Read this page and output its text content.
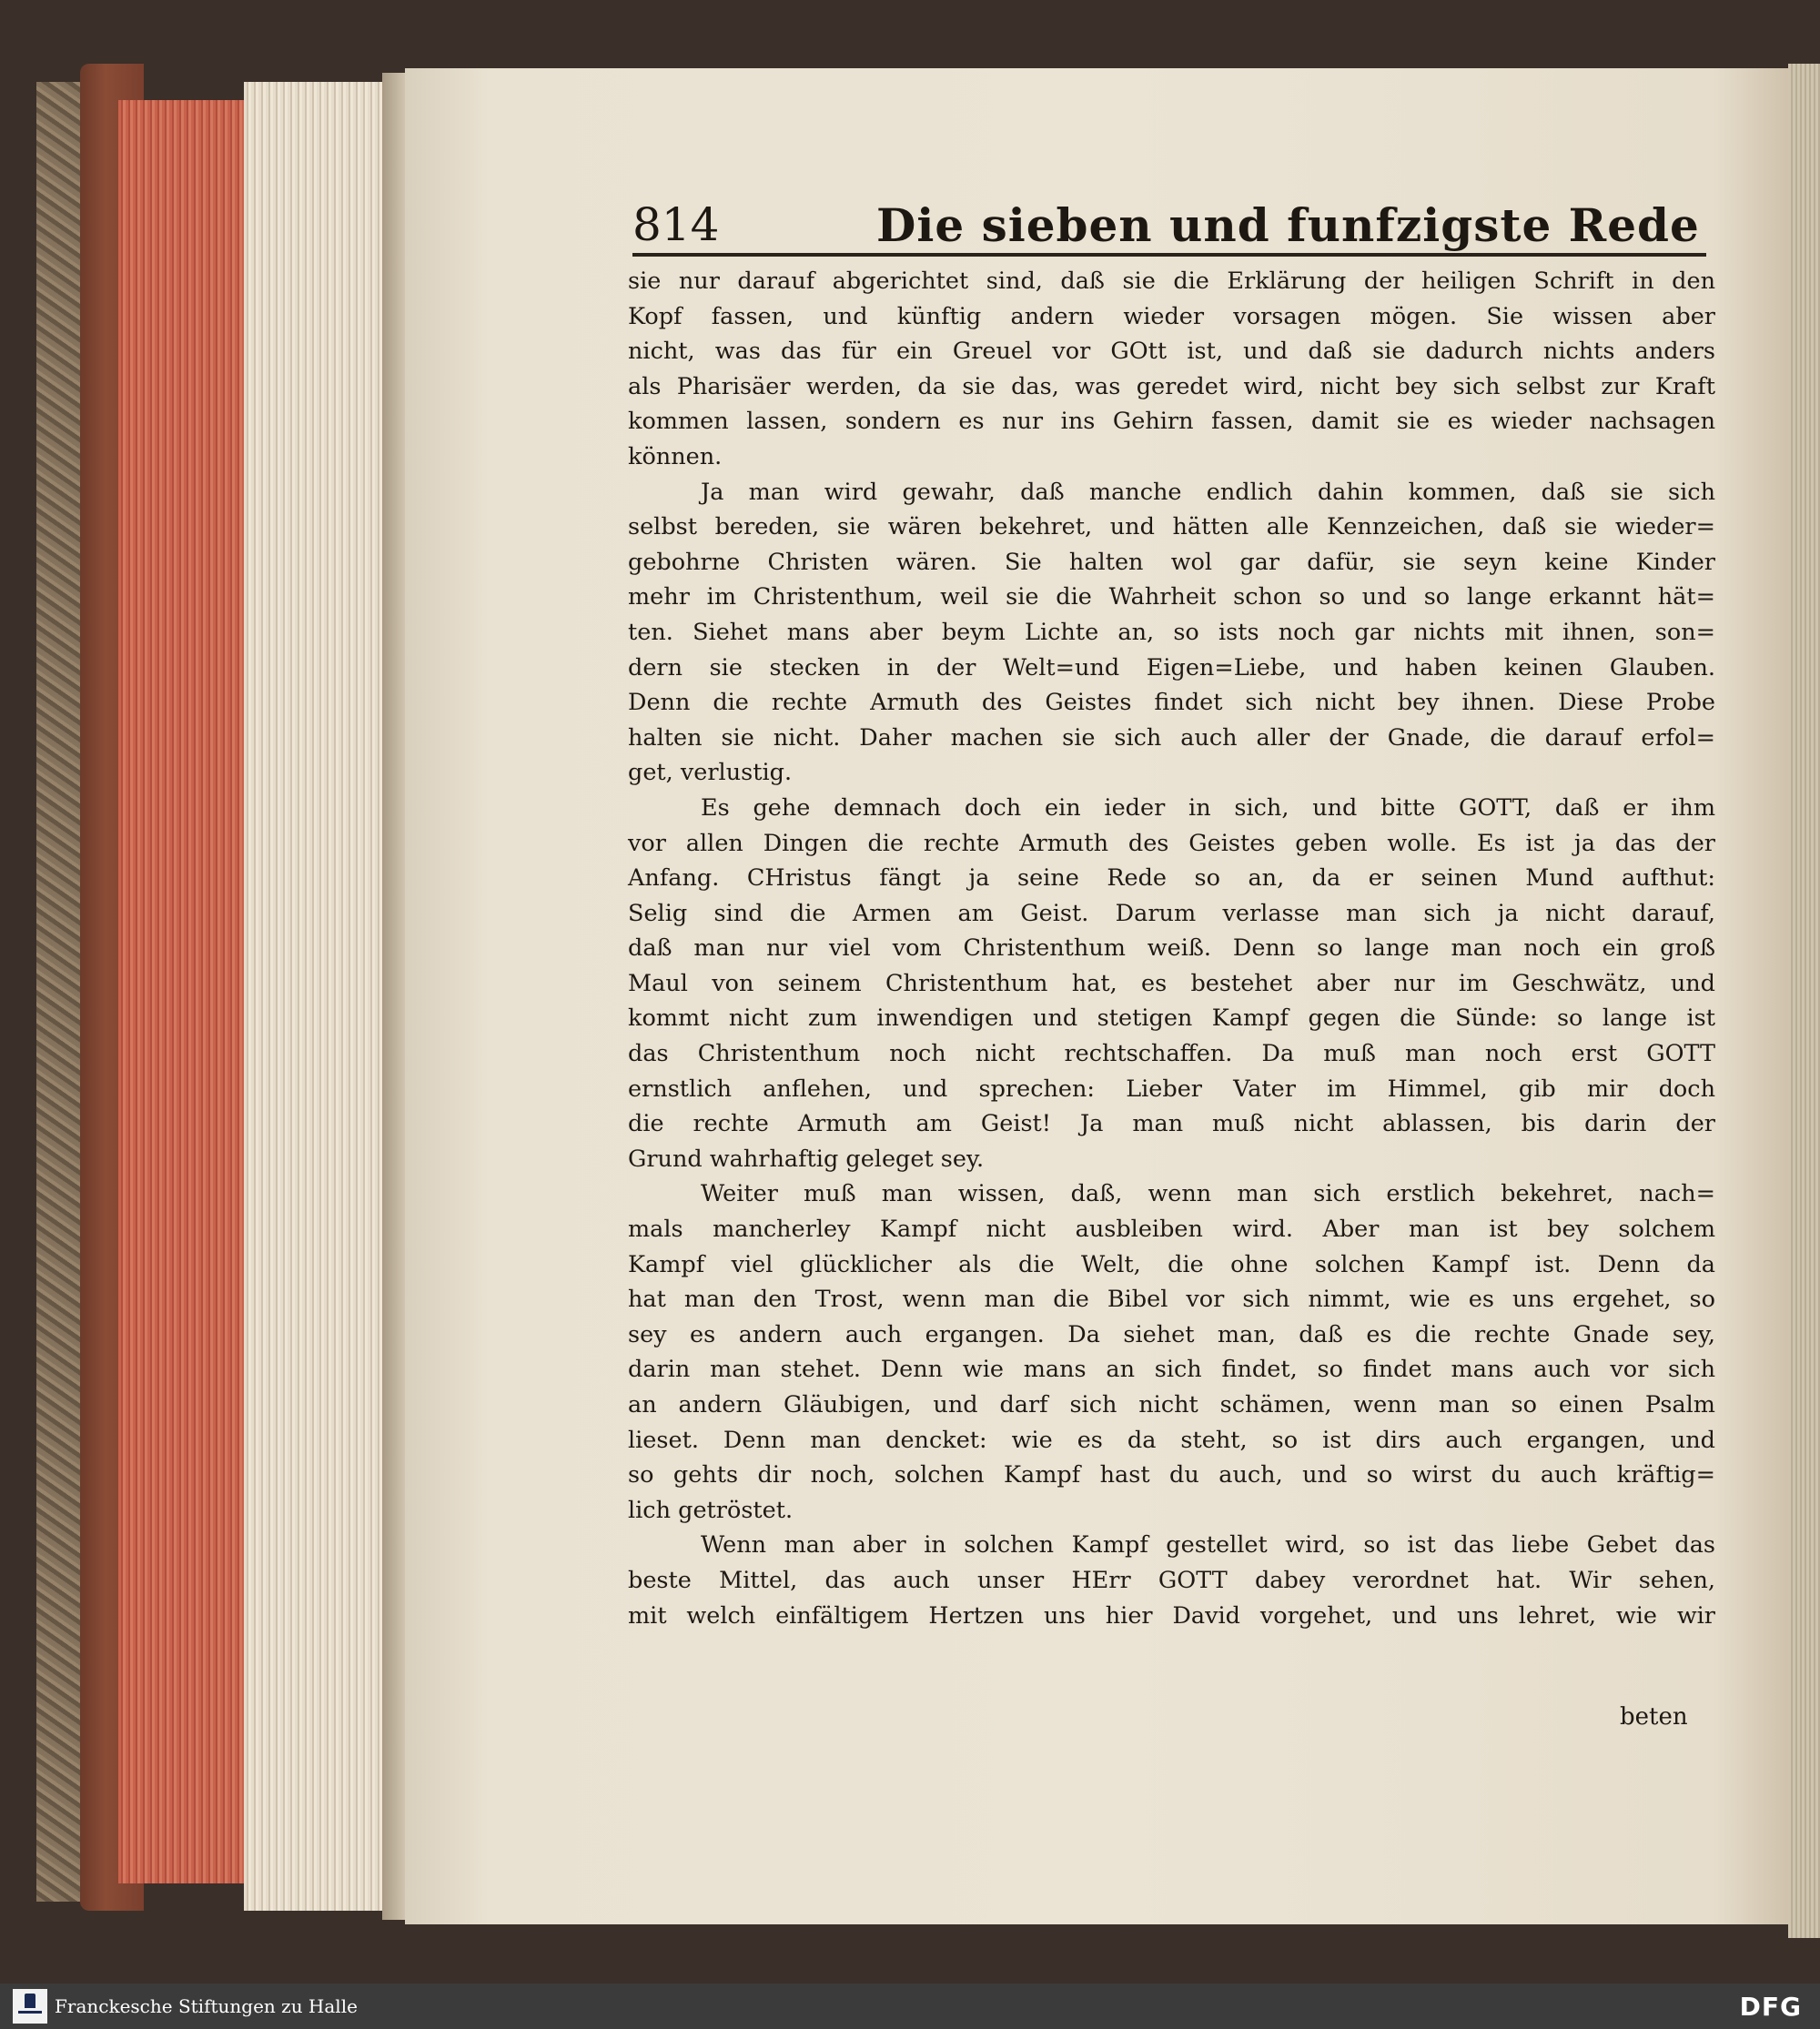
814	Die sieben und funfzigste Rede

sie nur darauf abgerichtet sind, daß sie die Erklärung der heiligen Schrift in den
Kopf fassen, und künftig andern wieder vorsagen mögen. Sie wissen aber
nicht, was das für ein Greuel vor GOtt ist, und daß sie dadurch nichts anders
als Pharisäer werden, da sie das, was geredet wird, nicht bey sich selbst zur Kraft
kommen lassen, sondern es nur ins Gehirn fassen, damit sie es wieder nachsagen
können.

Ja man wird gewahr, daß manche endlich dahin kommen, daß sie sich
selbst bereden, sie wären bekehret, und hätten alle Kennzeichen, daß sie wieder=
gebohrne Christen wären. Sie halten wol gar dafür, sie seyn keine Kinder
mehr im Christenthum, weil sie die Wahrheit schon so und so lange erkannt hät=
ten. Siehet mans aber beym Lichte an, so ists noch gar nichts mit ihnen, son=
dern sie stecken in der Welt=und Eigen=Liebe, und haben keinen Glauben.
Denn die rechte Armuth des Geistes findet sich nicht bey ihnen. Diese Probe
halten sie nicht. Daher machen sie sich auch aller der Gnade, die darauf erfol=
get, verlustig.

Es gehe demnach doch ein ieder in sich, und bitte GOTT, daß er ihm
vor allen Dingen die rechte Armuth des Geistes geben wolle. Es ist ja das der
Anfang. CHristus fängt ja seine Rede so an, da er seinen Mund aufthut:
Selig sind die Armen am Geist. Darum verlasse man sich ja nicht darauf,
daß man nur viel vom Christenthum weiß. Denn so lange man noch ein groß
Maul von seinem Christenthum hat, es bestehet aber nur im Geschwätz, und
kommt nicht zum inwendigen und stetigen Kampf gegen die Sünde: so lange ist
das Christenthum noch nicht rechtschaffen. Da muß man noch erst GOTT
ernstlich anflehen, und sprechen: Lieber Vater im Himmel, gib mir doch
die rechte Armuth am Geist! Ja man muß nicht ablassen, bis darin der
Grund wahrhaftig geleget sey.

Weiter muß man wissen, daß, wenn man sich erstlich bekehret, nach=
mals mancherley Kampf nicht ausbleiben wird. Aber man ist bey solchem
Kampf viel glücklicher als die Welt, die ohne solchen Kampf ist. Denn da
hat man den Trost, wenn man die Bibel vor sich nimmt, wie es uns ergehet, so
sey es andern auch ergangen. Da siehet man, daß es die rechte Gnade sey,
darin man stehet. Denn wie mans an sich findet, so findet mans auch vor sich
an andern Gläubigen, und darf sich nicht schämen, wenn man so einen Psalm
lieset. Denn man dencket: wie es da steht, so ist dirs auch ergangen, und
so gehts dir noch, solchen Kampf hast du auch, und so wirst du auch kräftig=
lich getröstet.

Wenn man aber in solchen Kampf gestellet wird, so ist das liebe Gebet das
beste Mittel, das auch unser HErr GOTT dabey verordnet hat. Wir sehen,
mit welch einfältigem Hertzen uns hier David vorgehet, und uns lehret, wie wir

beten
Franckesche Stiftungen zu Halle	DFG
